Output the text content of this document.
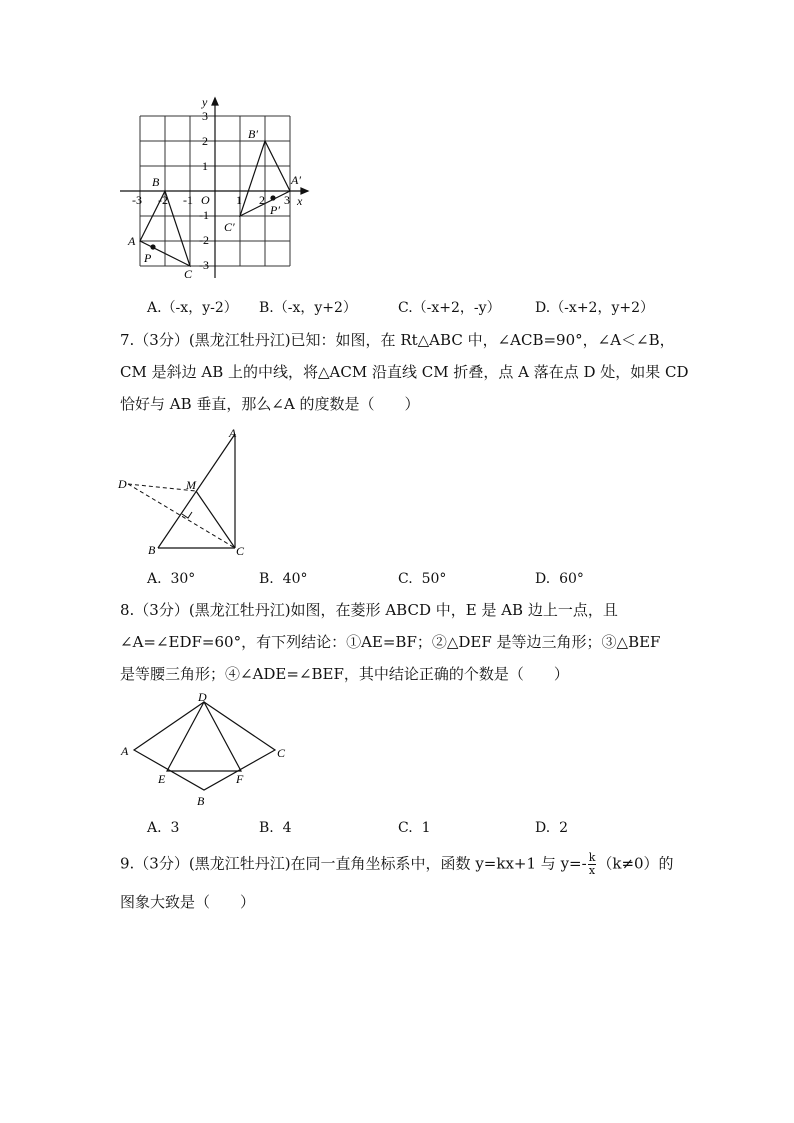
x
y
O
-3 -2 -1	1 2 3
3
2
1
-1
-2
-3
A
B
C
P
A′
B′
C′
P′
A.（-x，y-2） B.（-x，y+2）	C.（-x+2，-y） D.（-x+2，y+2）
7.（3分）(黑龙江牡丹江)已知：如图，在 Rt△ABC 中，∠ACB=90°，∠A＜∠B，
CM 是斜边 AB 上的中线，将△ACM 沿直线 CM 折叠，点 A 落在点 D 处，如果 CD
恰好与 AB 垂直，那么∠A 的度数是（　　）
A
B	C
D	M
A. 30°	B. 40°	C. 50°	D. 60°
8.（3分）(黑龙江牡丹江)如图，在菱形 ABCD 中，E 是 AB 边上一点，且
∠A=∠EDF=60°，有下列结论：①AE=BF；②△DEF 是等边三角形；③△BEF
是等腰三角形；④∠ADE=∠BEF，其中结论正确的个数是（　　）
A
B
C
D
E	F
A. 3	B. 4	C. 1	D. 2
9.（3分）(黑龙江牡丹江)在同一直角坐标系中，函数 y=kx+1 与 $y=- \frac{k}{x} (k\ne 0)$的
图象大致是（　　）
